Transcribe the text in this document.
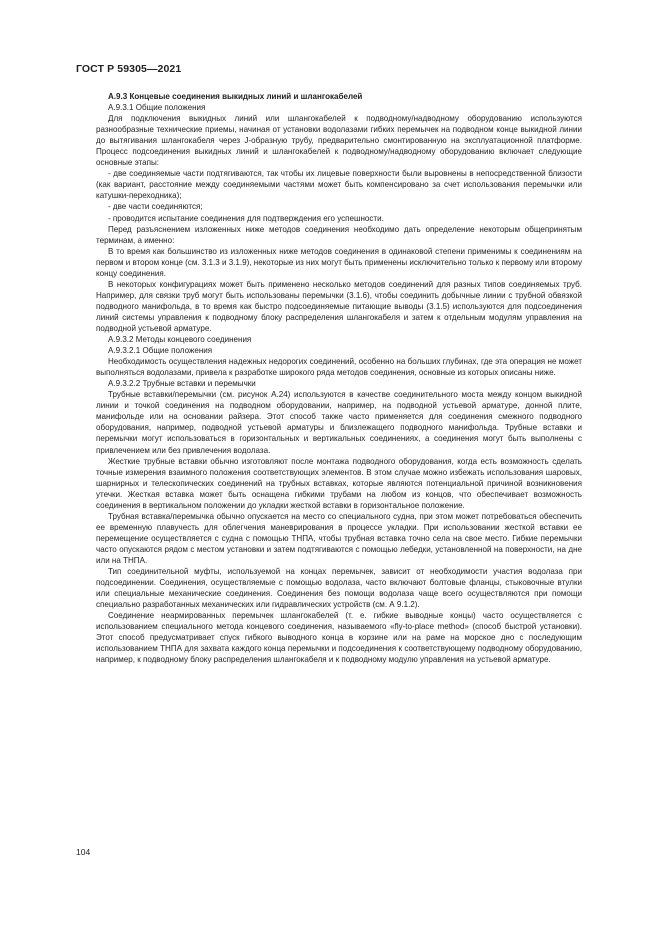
ГОСТ Р 59305—2021

А.9.3 Концевые соединения выкидных линий и шлангокабелей

А.9.3.1 Общие положения

Для подключения выкидных линий или шлангокабелей к подводному/надводному оборудованию используются разнообразные технические приемы, начиная от установки водолазами гибких перемычек на подводном конце выкидной линии до вытягивания шлангокабеля через J-образную трубу, предварительно смонтированную на эксплуатационной платформе. Процесс подсоединения выкидных линий и шлангокабелей к подводному/надводному оборудованию включает следующие основные этапы:

- две соединяемые части подтягиваются, так чтобы их лицевые поверхности были выровнены в непосредственной близости (как вариант, расстояние между соединяемыми частями может быть компенсировано за счет использования перемычки или катушки-переходника);

- две части соединяются;

- проводится испытание соединения для подтверждения его успешности.

Перед разъяснением изложенных ниже методов соединения необходимо дать определение некоторым общепринятым терминам, а именно:

В то время как большинство из изложенных ниже методов соединения в одинаковой степени применимы к соединениям на первом и втором конце (см. 3.1.3 и 3.1.9), некоторые из них могут быть применены исключительно только к первому или второму концу соединения.

В некоторых конфигурациях может быть применено несколько методов соединений для разных типов соединяемых труб. Например, для связки труб могут быть использованы перемычки (3.1.6), чтобы соединить добычные линии с трубной обвязкой подводного манифольда, в то время как быстро подсоединяемые питающие выводы (3.1.5) используются для подсоединения линий системы управления к подводному блоку распределения шлангокабеля и затем к отдельным модулям управления на подводной устьевой арматуре.

А.9.3.2 Методы концевого соединения

А.9.3.2.1 Общие положения

Необходимость осуществления надежных недорогих соединений, особенно на больших глубинах, где эта операция не может выполняться водолазами, привела к разработке широкого ряда методов соединения, основные из которых описаны ниже.

А.9.3.2.2 Трубные вставки и перемычки

Трубные вставки/перемычки (см. рисунок А.24) используются в качестве соединительного моста между концом выкидной линии и точкой соединения на подводном оборудовании, например, на подводной устьевой арматуре, донной плите, манифольде или на основании райзера. Этот способ также часто применяется для соединения смежного подводного оборудования, например, подводной устьевой арматуры и близлежащего подводного манифольда. Трубные вставки и перемычки могут использоваться в горизонтальных и вертикальных соединениях, а соединения могут быть выполнены с привлечением или без привлечения водолаза.

Жесткие трубные вставки обычно изготовляют после монтажа подводного оборудования, когда есть возможность сделать точные измерения взаимного положения соответствующих элементов. В этом случае можно избежать использования шаровых, шарнирных и телескопических соединений на трубных вставках, которые являются потенциальной причиной возникновения утечки. Жесткая вставка может быть оснащена гибкими трубами на любом из концов, что обеспечивает возможность соединения в вертикальном положении до укладки жесткой вставки в горизонтальное положение.

Трубная вставка/перемычка обычно опускается на место со специального судна, при этом может потребоваться обеспечить ее временную плавучесть для облегчения маневрирования в процессе укладки. При использовании жесткой вставки ее перемещение осуществляется с судна с помощью ТНПА, чтобы трубная вставка точно села на свое место. Гибкие перемычки часто опускаются рядом с местом установки и затем подтягиваются с помощью лебедки, установленной на поверхности, на дне или на ТНПА.

Тип соединительной муфты, используемой на концах перемычек, зависит от необходимости участия водолаза при подсоединении. Соединения, осуществляемые с помощью водолаза, часто включают болтовые фланцы, стыковочные втулки или специальные механические соединения. Соединения без помощи водолаза чаще всего осуществляются при помощи специально разработанных механических или гидравлических устройств (см. А 9.1.2).

Соединение неармированных перемычек шлангокабелей (т. е. гибкие выводные концы) часто осуществляется с использованием специального метода концевого соединения, называемого «fly-to-place method» (способ быстрой установки). Этот способ предусматривает спуск гибкого выводного конца в корзине или на раме на морское дно с последующим использованием ТНПА для захвата каждого конца перемычки и подсоединения к соответствующему подводному оборудованию, например, к подводному блоку распределения шлангокабеля и к подводному модулю управления на устьевой арматуре.

104
